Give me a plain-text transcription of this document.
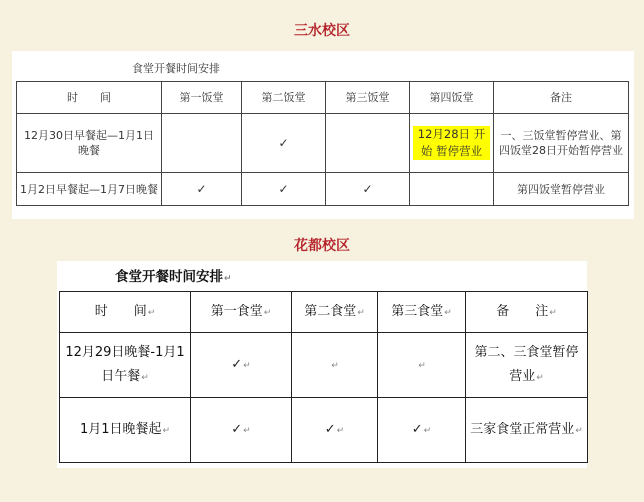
三水校区
食堂开餐时间安排
时　　间	第一饭堂	第二饭堂	第三饭堂	第四饭堂	备注
12月30日早餐起—1月1日晚餐		✓		12月28日 开始 暂停营业	一、三饭堂暂停营业、第四饭堂28日开始暂停营业
1月2日早餐起—1月7日晚餐	✓	✓	✓		第四饭堂暂停营业
花都校区
食堂开餐时间安排↵
时　　间↵	第一食堂↵	第二食堂↵	第三食堂↵	备　　注↵
12月29日晚餐-1月1日午餐↵	✓↵	↵	↵	第二、三食堂暂停营业↵
1月1日晚餐起↵	✓↵	✓↵	✓↵	三家食堂正常营业↵
